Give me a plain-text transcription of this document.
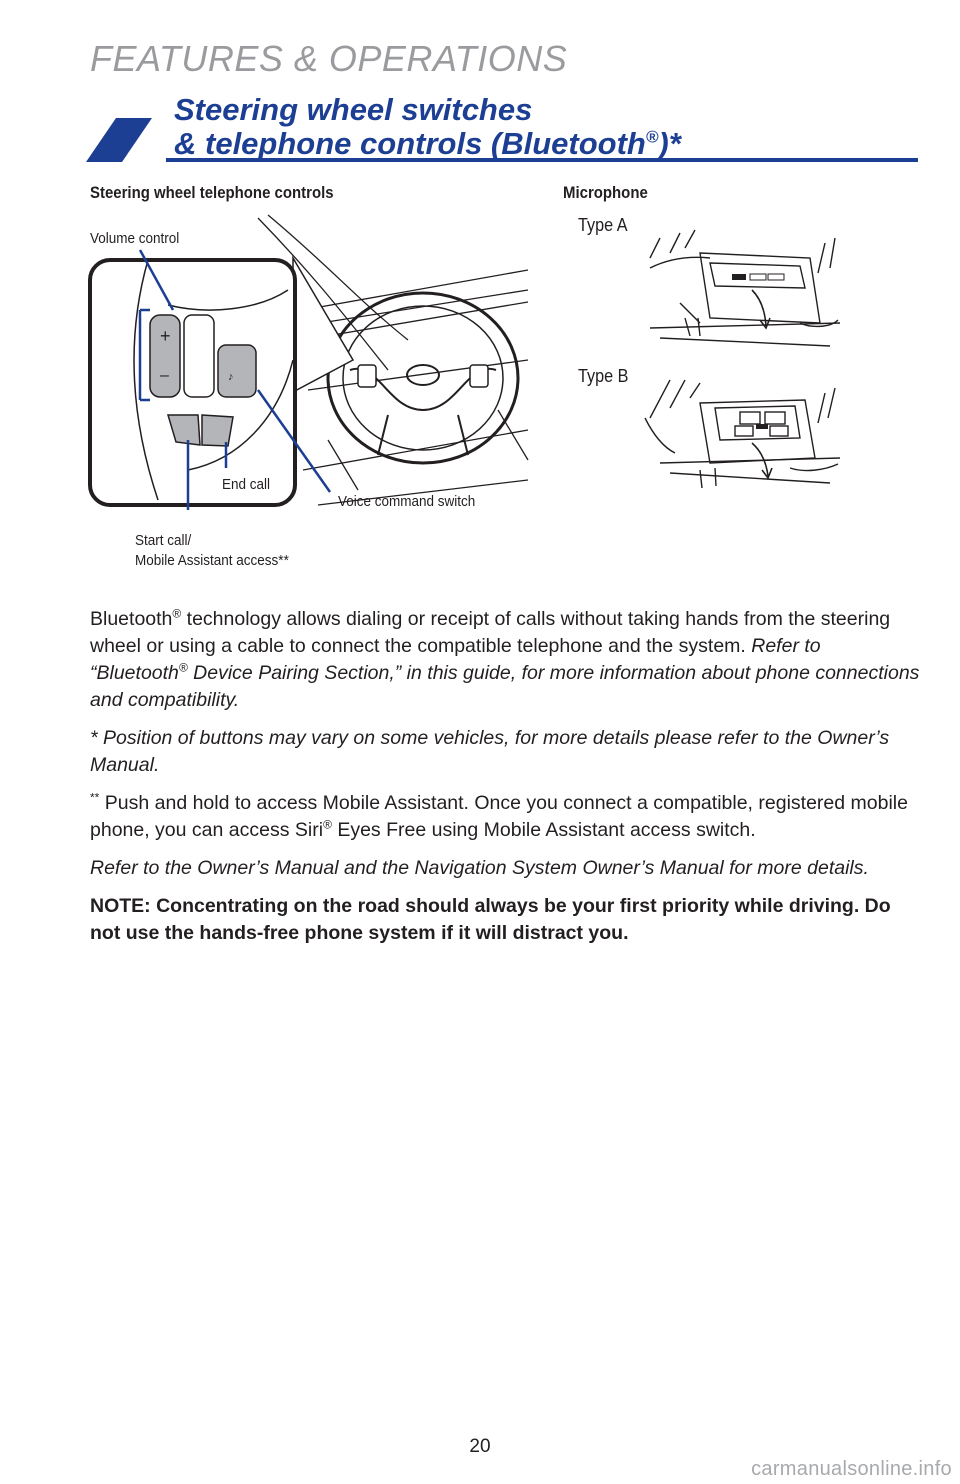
FEATURES & OPERATIONS
Steering wheel switches
& telephone controls (Bluetooth®)*
Steering wheel telephone controls	Microphone
+
–	♪
Volume control
End call
Voice command switch
Start call/
Mobile Assistant access**
Type A
Type B

Bluetooth® technology allows dialing or receipt of calls without taking hands from the steering wheel or using a cable to connect the compatible telephone and the system. Refer to “Bluetooth® Device Pairing Section,” in this guide, for more information about phone connections and compatibility.

* Position of buttons may vary on some vehicles, for more details please refer to the Owner’s Manual.

** Push and hold to access Mobile Assistant. Once you connect a compatible, registered mobile phone, you can access Siri® Eyes Free using Mobile Assistant access switch.

Refer to the Owner’s Manual and the Navigation System Owner’s Manual for more details.

NOTE: Concentrating on the road should always be your first priority while driving. Do not use the hands-free phone system if it will distract you.

20
carmanualsonline.info
